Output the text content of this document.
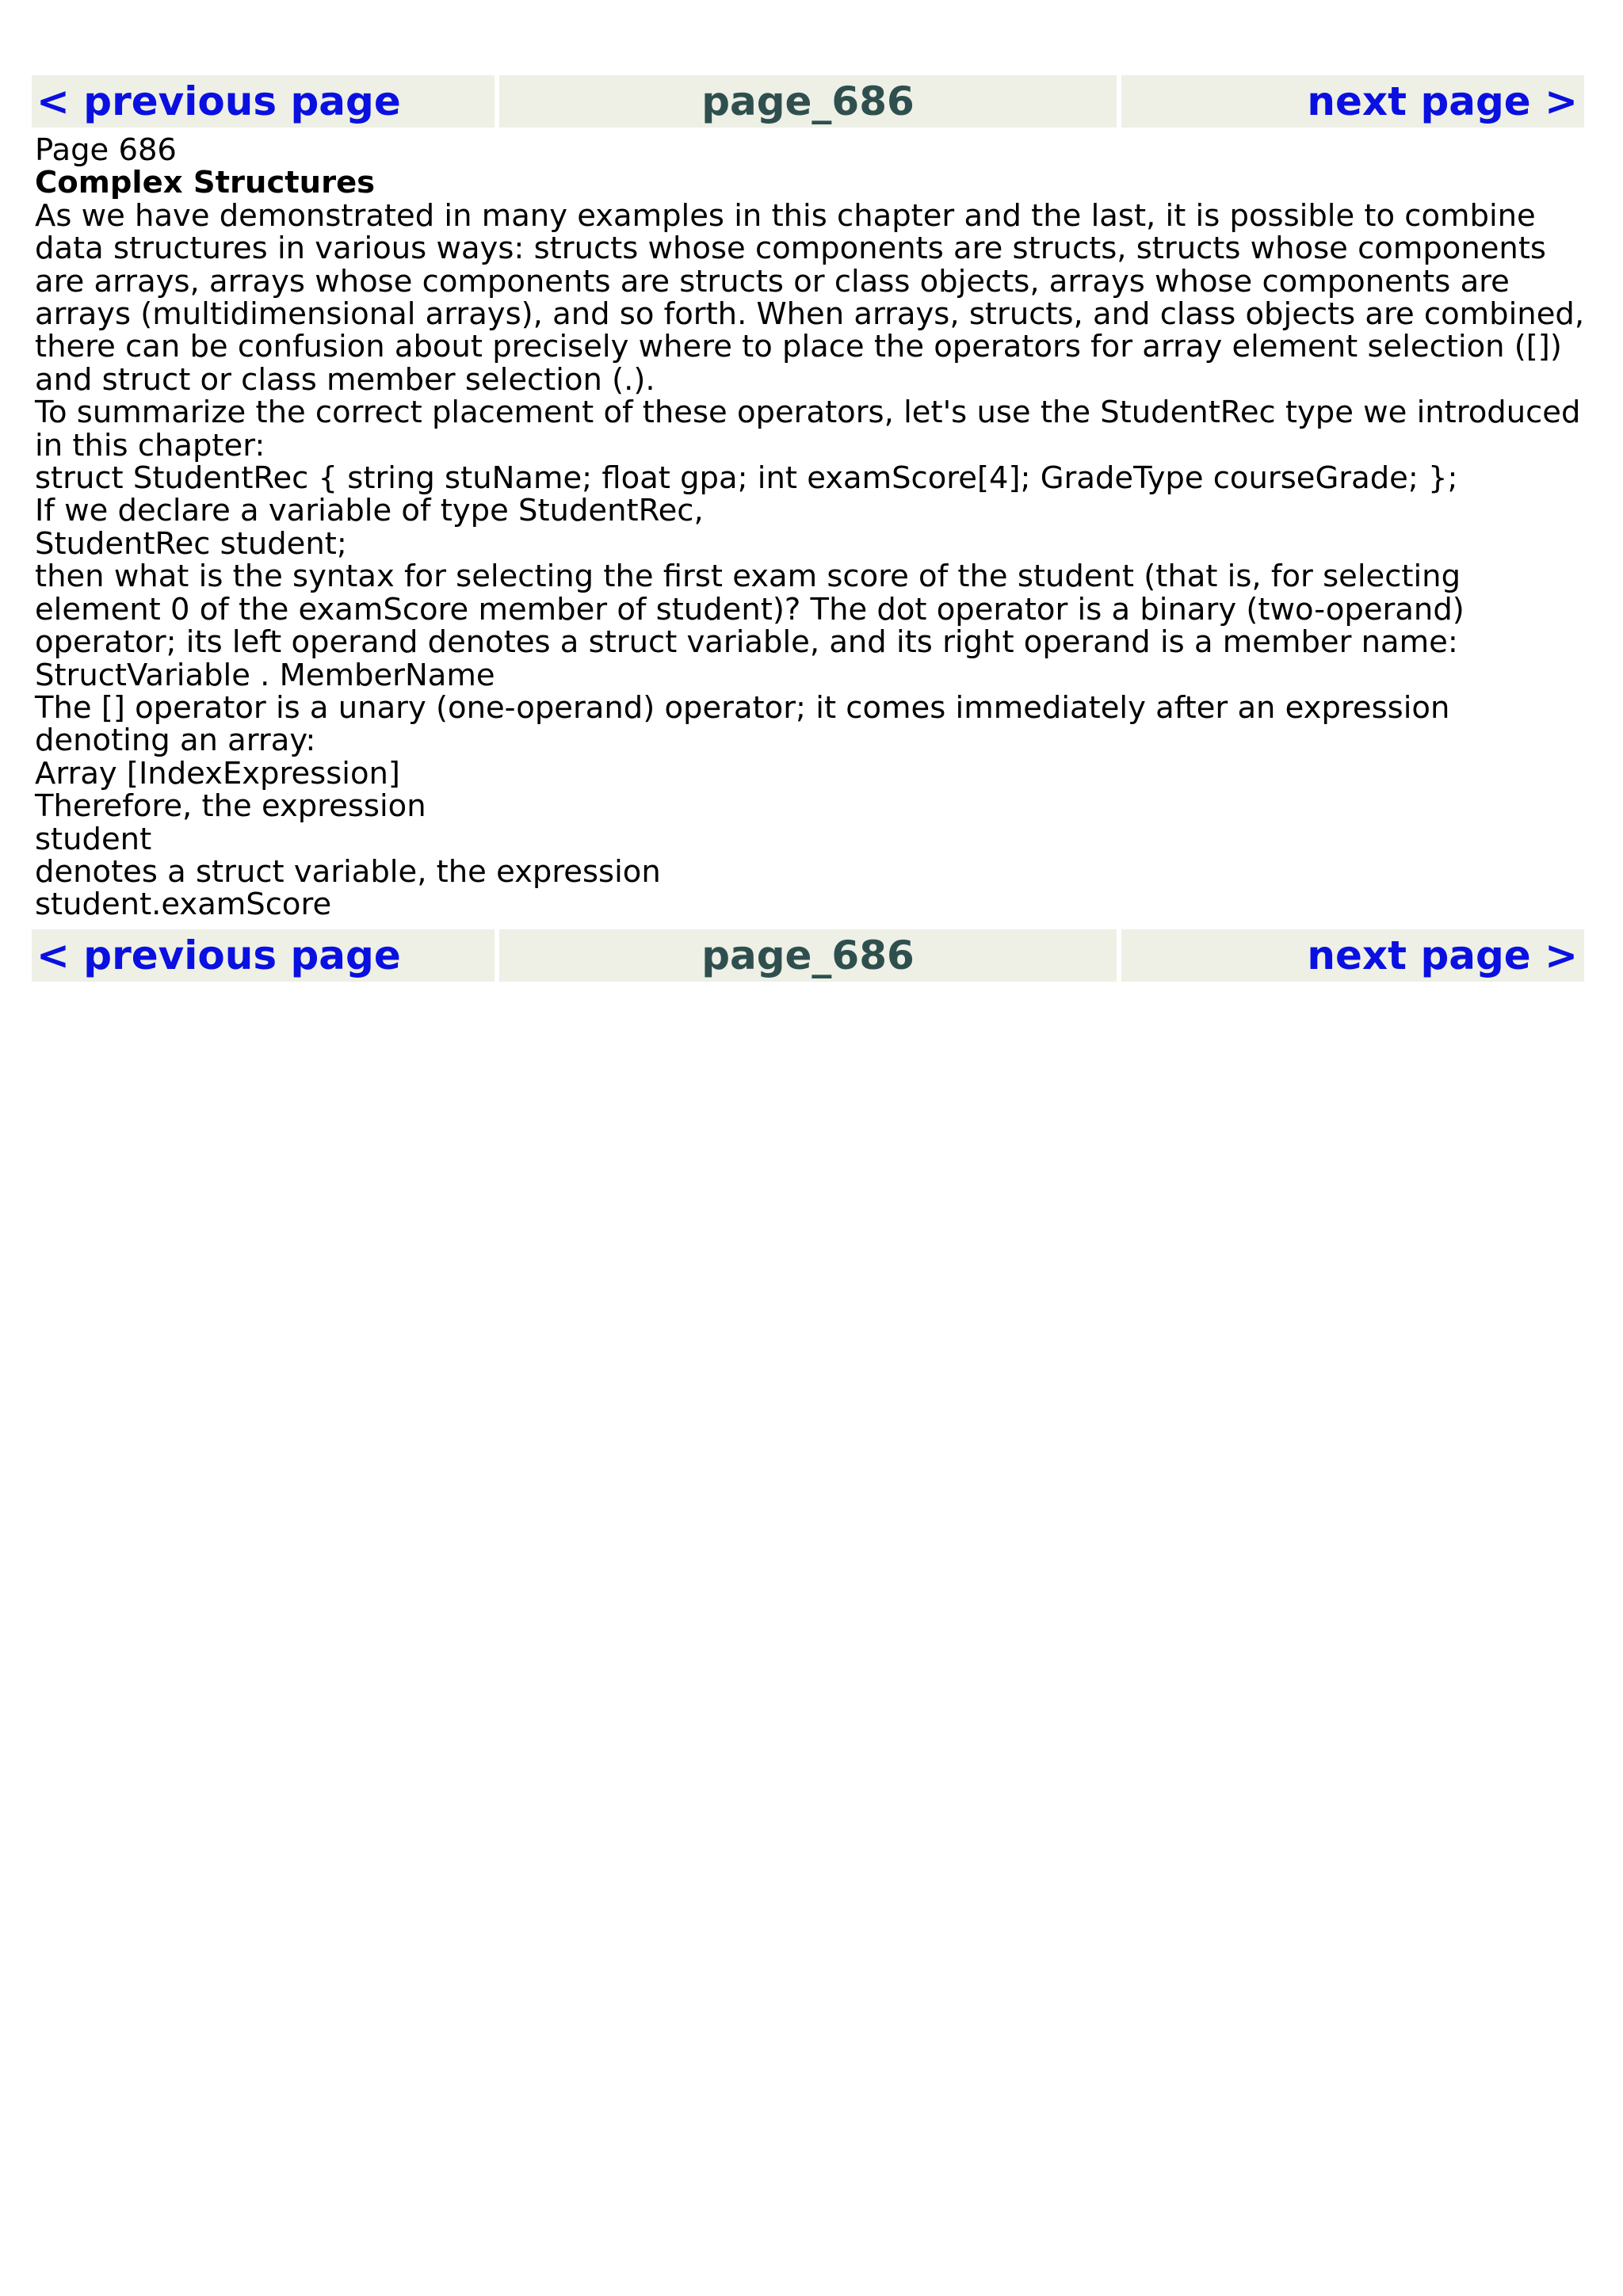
< previous page	page_686	next page >

Page 686

Complex Structures

As we have demonstrated in many examples in this chapter and the last, it is possible to combine data structures in various ways: structs whose components are structs, structs whose components are arrays, arrays whose components are structs or class objects, arrays whose components are arrays (multidimensional arrays), and so forth. When arrays, structs, and class objects are combined, there can be confusion about precisely where to place the operators for array element selection ([]) and struct or class member selection (.).

To summarize the correct placement of these operators, let's use the StudentRec type we introduced in this chapter:

struct StudentRec { string stuName; float gpa; int examScore[4]; GradeType courseGrade; };

If we declare a variable of type StudentRec,

StudentRec student;

then what is the syntax for selecting the first exam score of the student (that is, for selecting element 0 of the examScore member of student)? The dot operator is a binary (two-operand) operator; its left operand denotes a struct variable, and its right operand is a member name:

StructVariable . MemberName

The [] operator is a unary (one-operand) operator; it comes immediately after an expression denoting an array:

Array [IndexExpression]

Therefore, the expression

student

denotes a struct variable, the expression

student.examScore

< previous page	page_686	next page >
